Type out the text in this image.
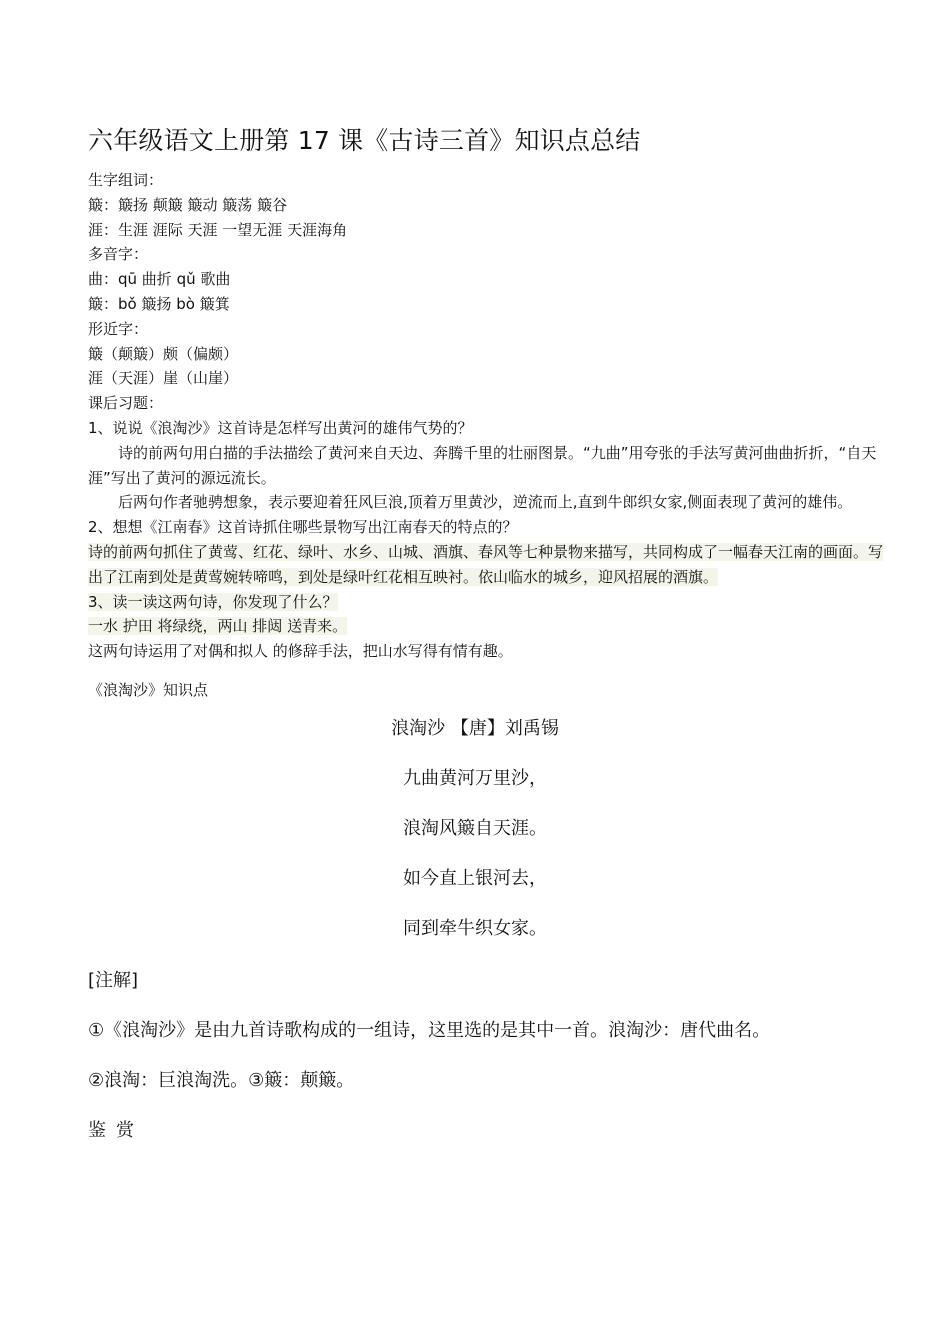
六年级语文上册第 17 课《古诗三首》知识点总结
生字组词：
簸：簸扬 颠簸 簸动 簸荡 簸谷
涯：生涯 涯际 天涯 一望无涯 天涯海角
多音字：
曲：qū 曲折 qǔ 歌曲
簸：bǒ 簸扬 bò 簸箕
形近字：
簸（颠簸）颇（偏颇）
涯（天涯）崖（山崖）
课后习题：
1、说说《浪淘沙》这首诗是怎样写出黄河的雄伟气势的？
诗的前两句用白描的手法描绘了黄河来自天边、奔腾千里的壮丽图景。“九曲”用夸张的手法写黄河曲曲折折，“自天涯”写出了黄河的源远流长。
后两句作者驰骋想象，表示要迎着狂风巨浪,顶着万里黄沙，逆流而上,直到牛郎织女家,侧面表现了黄河的雄伟。
2、想想《江南春》这首诗抓住哪些景物写出江南春天的特点的？
诗的前两句抓住了黄莺、红花、绿叶、水乡、山城、酒旗、春风等七种景物来描写，共同构成了一幅春天江南的画面。写出了江南到处是黄莺婉转啼鸣，到处是绿叶红花相互映衬。依山临水的城乡，迎风招展的酒旗。
3、读一读这两句诗，你发现了什么？
一水 护田 将绿绕，两山 排闼 送青来。
这两句诗运用了对偶和拟人 的修辞手法，把山水写得有情有趣。
《浪淘沙》知识点
浪淘沙 【唐】刘禹锡
九曲黄河万里沙，
浪淘风簸自天涯。
如今直上银河去，
同到牵牛织女家。
[注解]
①《浪淘沙》是由九首诗歌构成的一组诗，这里选的是其中一首。浪淘沙：唐代曲名。
②浪淘：巨浪淘洗。③簸：颠簸。
鉴赏
